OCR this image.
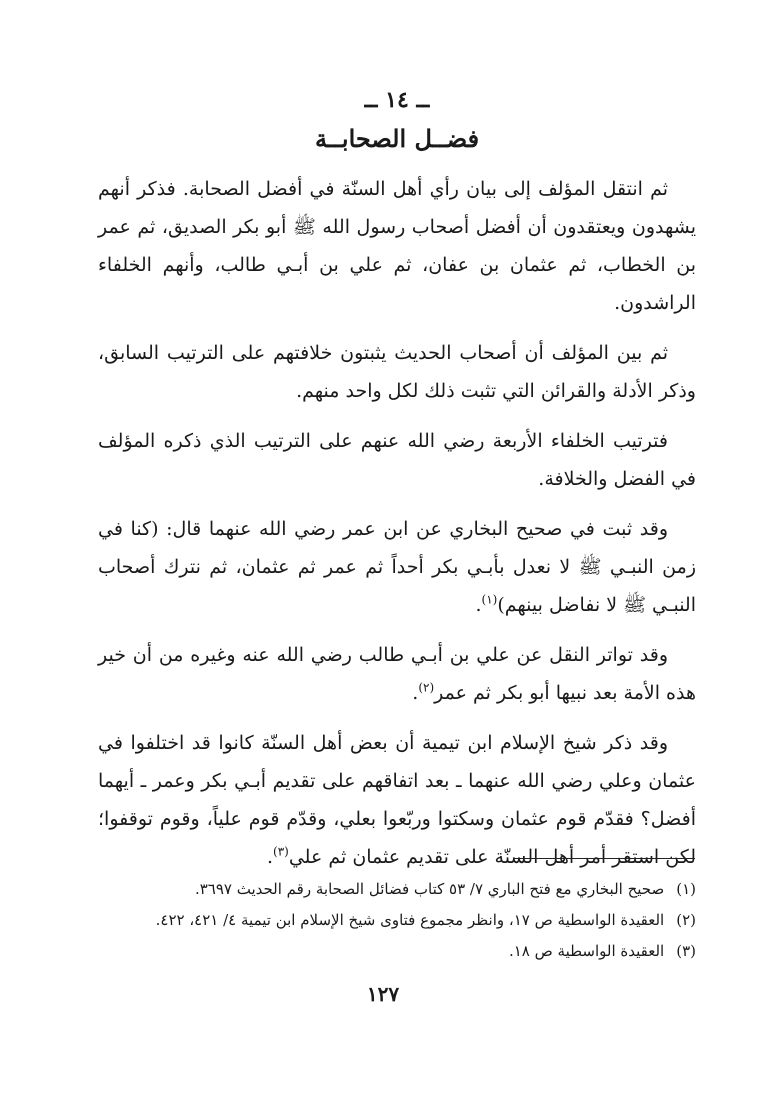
ــ ١٤ ــ
فضــل الصحابــة

ثم انتقل المؤلف إلى بيان رأي أهل السنّة في أفضل الصحابة. فذكر أنهم يشهدون ويعتقدون أن أفضل أصحاب رسول الله ﷺ أبو بكر الصديق، ثم عمر بن الخطاب، ثم عثمان بن عفان، ثم علي بن أبـي طالب، وأنهم الخلفاء الراشدون.

ثم بين المؤلف أن أصحاب الحديث يثبتون خلافتهم على الترتيب السابق، وذكر الأدلة والقرائن التي تثبت ذلك لكل واحد منهم.

فترتيب الخلفاء الأربعة رضي الله عنهم على الترتيب الذي ذكره المؤلف في الفضل والخلافة.

وقد ثبت في صحيح البخاري عن ابن عمر رضي الله عنهما قال: (كنا في زمن النبـي ﷺ لا نعدل بأبـي بكر أحداً ثم عمر ثم عثمان، ثم نترك أصحاب النبـي ﷺ لا نفاضل بينهم)$^{(١)}$.

وقد تواتر النقل عن علي بن أبـي طالب رضي الله عنه وغيره من أن خير هذه الأمة بعد نبيها أبو بكر ثم عمر$^{(٢)}$.

وقد ذكر شيخ الإسلام ابن تيمية أن بعض أهل السنّة كانوا قد اختلفوا في عثمان وعلي رضي الله عنهما ـ بعد اتفاقهم على تقديم أبـي بكر وعمر ـ أيهما أفضل؟ فقدّم قوم عثمان وسكتوا وربّعوا بعلي، وقدّم قوم علياً، وقوم توقفوا؛ لكن استقر أمر أهل السنّة على تقديم عثمان ثم علي$^{(٣)}$.

(١)صحيح البخاري مع فتح الباري ٧/ ٥٣ كتاب فضائل الصحابة رقم الحديث ٣٦٩٧.

(٢)العقيدة الواسطية ص ١٧، وانظر مجموع فتاوى شيخ الإسلام ابن تيمية ٤/ ٤٢١، ٤٢٢.

(٣)العقيدة الواسطية ص ١٨.

١٢٧
